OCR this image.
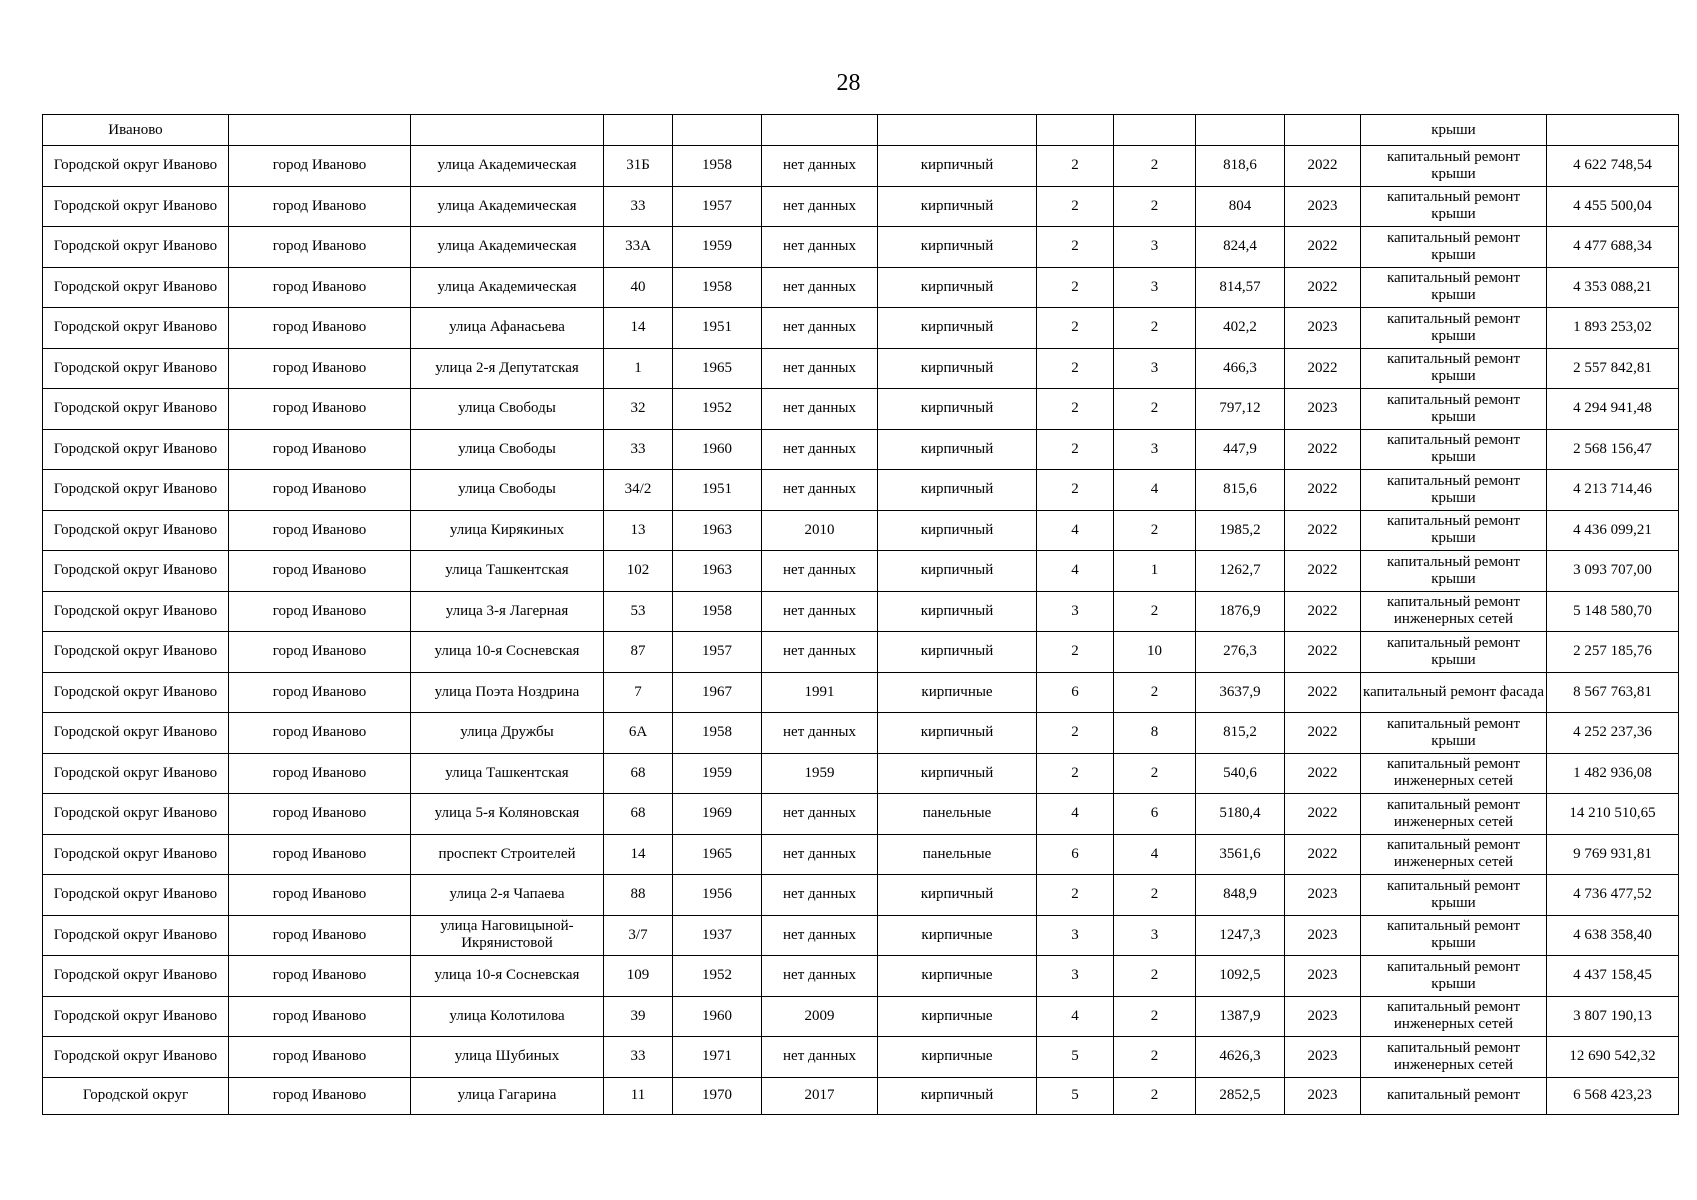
28
Иваново											крыши	
Городской округ Иваново	город Иваново	улица Академическая	31Б	1958	нет данных	кирпичный	2	2	818,6	2022	капитальный ремонт крыши	4 622 748,54
Городской округ Иваново	город Иваново	улица Академическая	33	1957	нет данных	кирпичный	2	2	804	2023	капитальный ремонт крыши	4 455 500,04
Городской округ Иваново	город Иваново	улица Академическая	33А	1959	нет данных	кирпичный	2	3	824,4	2022	капитальный ремонт крыши	4 477 688,34
Городской округ Иваново	город Иваново	улица Академическая	40	1958	нет данных	кирпичный	2	3	814,57	2022	капитальный ремонт крыши	4 353 088,21
Городской округ Иваново	город Иваново	улица Афанасьева	14	1951	нет данных	кирпичный	2	2	402,2	2023	капитальный ремонт крыши	1 893 253,02
Городской округ Иваново	город Иваново	улица 2-я Депутатская	1	1965	нет данных	кирпичный	2	3	466,3	2022	капитальный ремонт крыши	2 557 842,81
Городской округ Иваново	город Иваново	улица Свободы	32	1952	нет данных	кирпичный	2	2	797,12	2023	капитальный ремонт крыши	4 294 941,48
Городской округ Иваново	город Иваново	улица Свободы	33	1960	нет данных	кирпичный	2	3	447,9	2022	капитальный ремонт крыши	2 568 156,47
Городской округ Иваново	город Иваново	улица Свободы	34/2	1951	нет данных	кирпичный	2	4	815,6	2022	капитальный ремонт крыши	4 213 714,46
Городской округ Иваново	город Иваново	улица Кирякиных	13	1963	2010	кирпичный	4	2	1985,2	2022	капитальный ремонт крыши	4 436 099,21
Городской округ Иваново	город Иваново	улица Ташкентская	102	1963	нет данных	кирпичный	4	1	1262,7	2022	капитальный ремонт крыши	3 093 707,00
Городской округ Иваново	город Иваново	улица 3-я Лагерная	53	1958	нет данных	кирпичный	3	2	1876,9	2022	капитальный ремонт инженерных сетей	5 148 580,70
Городской округ Иваново	город Иваново	улица 10-я Сосневская	87	1957	нет данных	кирпичный	2	10	276,3	2022	капитальный ремонт крыши	2 257 185,76
Городской округ Иваново	город Иваново	улица Поэта Ноздрина	7	1967	1991	кирпичные	6	2	3637,9	2022	капитальный ремонт фасада	8 567 763,81
Городской округ Иваново	город Иваново	улица Дружбы	6А	1958	нет данных	кирпичный	2	8	815,2	2022	капитальный ремонт крыши	4 252 237,36
Городской округ Иваново	город Иваново	улица Ташкентская	68	1959	1959	кирпичный	2	2	540,6	2022	капитальный ремонт инженерных сетей	1 482 936,08
Городской округ Иваново	город Иваново	улица 5-я Коляновская	68	1969	нет данных	панельные	4	6	5180,4	2022	капитальный ремонт инженерных сетей	14 210 510,65
Городской округ Иваново	город Иваново	проспект Строителей	14	1965	нет данных	панельные	6	4	3561,6	2022	капитальный ремонт инженерных сетей	9 769 931,81
Городской округ Иваново	город Иваново	улица 2-я Чапаева	88	1956	нет данных	кирпичный	2	2	848,9	2023	капитальный ремонт крыши	4 736 477,52
Городской округ Иваново	город Иваново	улица Наговицыной-Икрянистовой	3/7	1937	нет данных	кирпичные	3	3	1247,3	2023	капитальный ремонт крыши	4 638 358,40
Городской округ Иваново	город Иваново	улица 10-я Сосневская	109	1952	нет данных	кирпичные	3	2	1092,5	2023	капитальный ремонт крыши	4 437 158,45
Городской округ Иваново	город Иваново	улица Колотилова	39	1960	2009	кирпичные	4	2	1387,9	2023	капитальный ремонт инженерных сетей	3 807 190,13
Городской округ Иваново	город Иваново	улица Шубиных	33	1971	нет данных	кирпичные	5	2	4626,3	2023	капитальный ремонт инженерных сетей	12 690 542,32
Городской округ	город Иваново	улица Гагарина	11	1970	2017	кирпичный	5	2	2852,5	2023	капитальный ремонт	6 568 423,23
